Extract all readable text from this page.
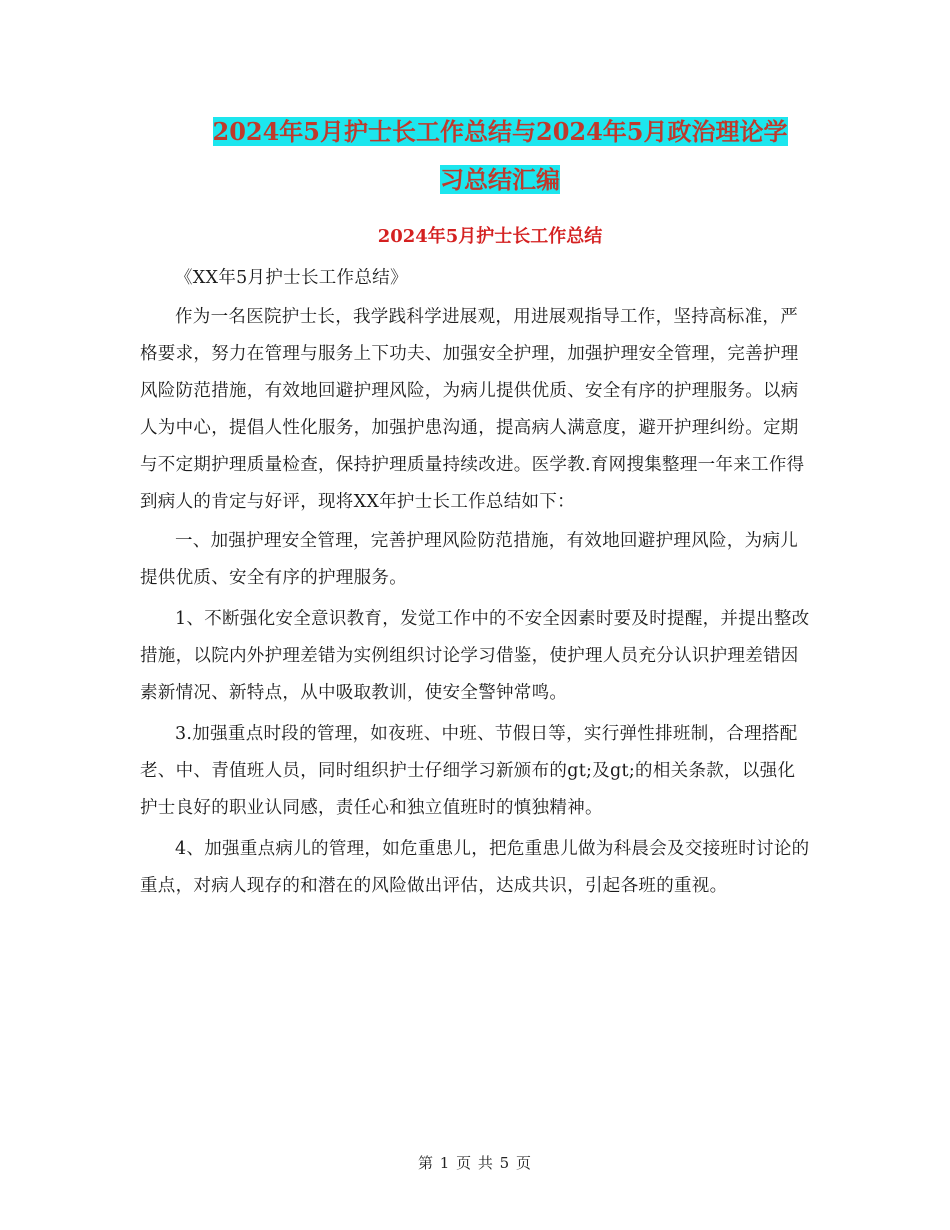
2024年5月护士长工作总结与2024年5月政治理论学
习总结汇编
2024年5月护士长工作总结

《XX年5月护士长工作总结》

作为一名医院护士长，我学践科学进展观，用进展观指导工作，坚持高标准，严格要求，努力在管理与服务上下功夫、加强安全护理，加强护理安全管理，完善护理风险防范措施，有效地回避护理风险，为病儿提供优质、安全有序的护理服务。以病人为中心，提倡人性化服务，加强护患沟通，提高病人满意度，避开护理纠纷。定期与不定期护理质量检查，保持护理质量持续改进。医学教.育网搜集整理一年来工作得到病人的肯定与好评，现将XX年护士长工作总结如下：

一、加强护理安全管理，完善护理风险防范措施，有效地回避护理风险，为病儿提供优质、安全有序的护理服务。

1、不断强化安全意识教育，发觉工作中的不安全因素时要及时提醒，并提出整改措施，以院内外护理差错为实例组织讨论学习借鉴，使护理人员充分认识护理差错因素新情况、新特点，从中吸取教训，使安全警钟常鸣。

3.加强重点时段的管理，如夜班、中班、节假日等，实行弹性排班制，合理搭配老、中、青值班人员，同时组织护士仔细学习新颁布的gt;及gt;的相关条款，以强化护士良好的职业认同感，责任心和独立值班时的慎独精神。

4、加强重点病儿的管理，如危重患儿，把危重患儿做为科晨会及交接班时讨论的重点，对病人现存的和潜在的风险做出评估，达成共识，引起各班的重视。

第 1 页 共 5 页
